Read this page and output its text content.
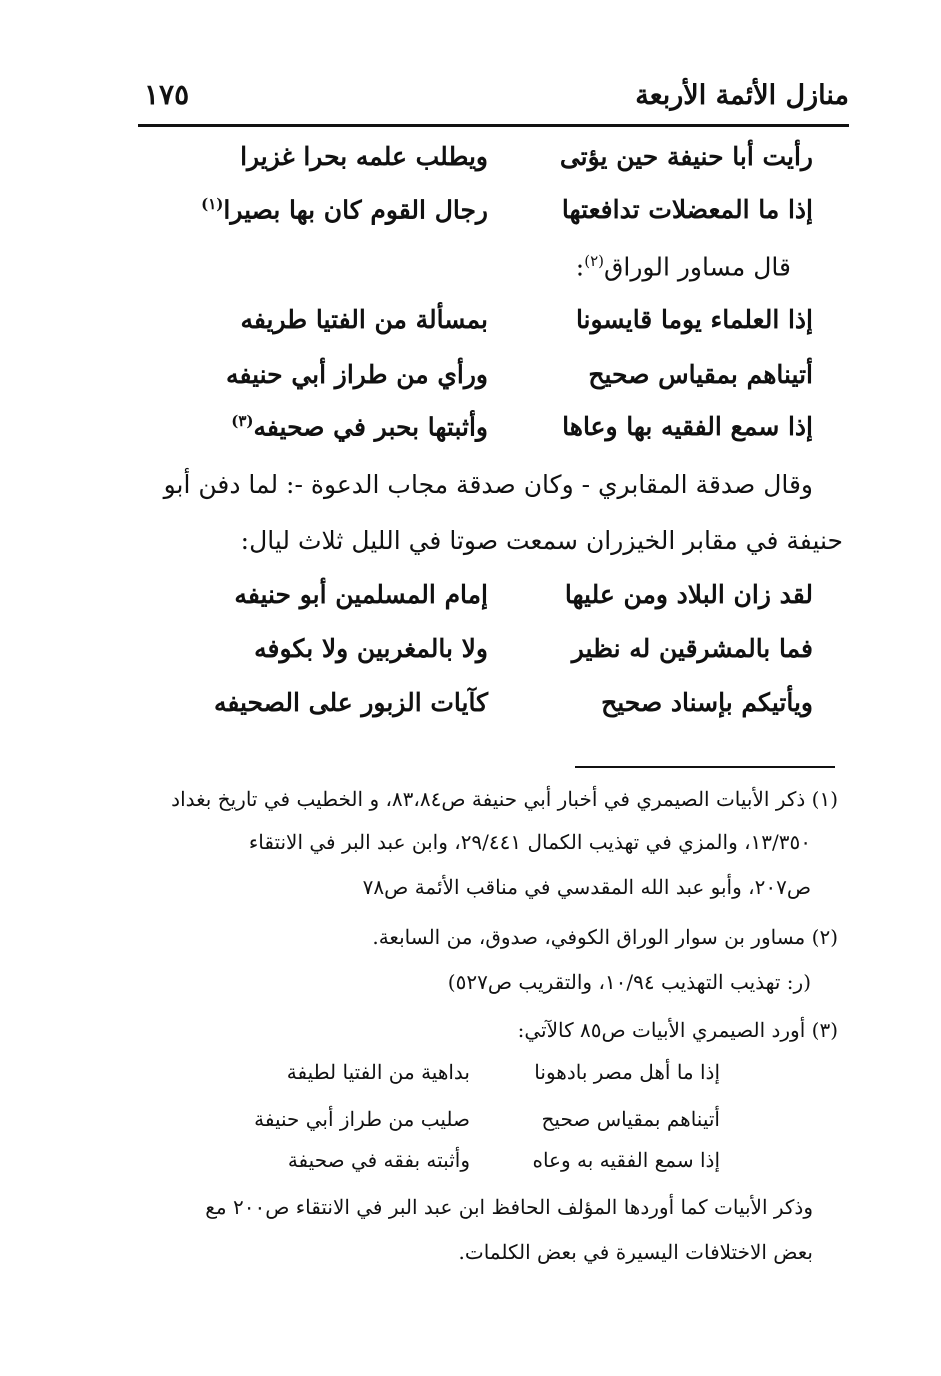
منازل الأئمة الأربعة
١٧٥
رأيت أبا حنيفة حين يؤتى
ويطلب علمه بحرا غزيرا
إذا ما المعضلات تدافعتها
رجال القوم كان بها بصيرا$^{(١)}$
قال مساور الوراق$^{(٢)}$:
إذا العلماء يوما قايسونا
بمسألة من الفتيا طريفه
أتيناهم بمقياس صحيح
ورأي من طراز أبي حنيفه
إذا سمع الفقيه بها وعاها
وأثبتها بحبر في صحيفه$^{(٣)}$
وقال صدقة المقابري - وكان صدقة مجاب الدعوة -: لما دفن أبو
حنيفة في مقابر الخيزران سمعت صوتا في الليل ثلاث ليال:
لقد زان البلاد ومن عليها
إمام المسلمين أبو حنيفه
فما بالمشرقين له نظير
ولا بالمغربين ولا بكوفه
ويأتيكم بإسناد صحيح
كآيات الزبور على الصحيفه
(١) ذكر الأبيات الصيمري في أخبار أبي حنيفة ص٨٣،٨٤، و الخطيب في تاريخ بغداد
١٣/٣٥٠، والمزي في تهذيب الكمال ٢٩/٤٤١، وابن عبد البر في الانتقاء
ص٢٠٧، وأبو عبد الله المقدسي في مناقب الأئمة ص٧٨
(٢) مساور بن سوار الوراق الكوفي، صدوق، من السابعة.
(ر: تهذيب التهذيب ١٠/٩٤، والتقريب ص٥٢٧)
(٣) أورد الصيمري الأبيات ص٨٥ كالآتي:
إذا ما أهل مصر بادهونا
بداهية من الفتيا لطيفة
أتيناهم بمقياس صحيح
صليب من طراز أبي حنيفة
إذا سمع الفقيه به وعاه
وأثبته بفقه في صحيفة
وذكر الأبيات كما أوردها المؤلف الحافظ ابن عبد البر في الانتقاء ص٢٠٠ مع
بعض الاختلافات اليسيرة في بعض الكلمات.
